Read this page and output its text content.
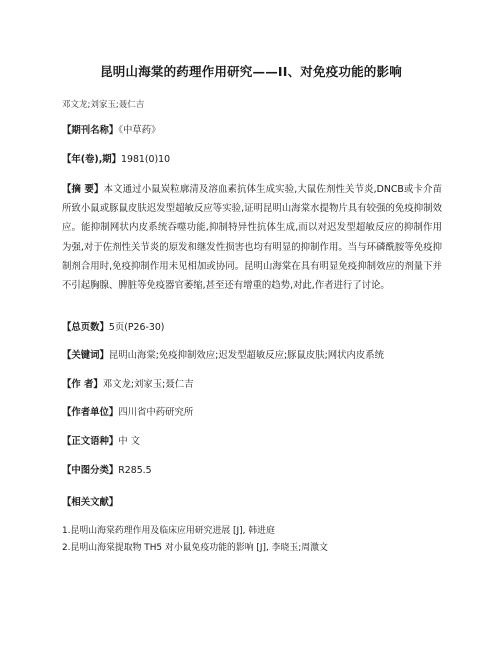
昆明山海棠的药理作用研究——II、对免疫功能的影响
邓文龙;刘家玉;聂仁吉
【期刊名称】《中草药》
【年(卷),期】1981(0)10
【摘 要】本文通过小鼠炭粒廓清及溶血素抗体生成实验,大鼠佐剂性关节炎,DNCB或卡介苗所致小鼠或豚鼠皮肤迟发型超敏反应等实验,证明昆明山海棠水提物片具有较强的免疫抑制效应。能抑制网状内皮系统吞噬功能,抑制特异性抗体生成,而以对迟发型超敏反应的抑制作用为强,对于佐剂性关节炎的原发和继发性损害也均有明显的抑制作用。当与环磷酰胺等免疫抑制剂合用时,免疫抑制作用未见相加或协同。昆明山海棠在具有明显免疫抑制效应的剂量下并不引起胸腺、脾脏等免疫器官萎缩,甚至还有增重的趋势,对此,作者进行了讨论。
【总页数】5页(P26-30)
【关键词】昆明山海棠;免疫抑制效应;迟发型超敏反应;豚鼠皮肤;网状内皮系统
【作 者】邓文龙;刘家玉;聂仁吉
【作者单位】四川省中药研究所
【正文语种】中 文
【中图分类】R285.5
【相关文献】
1.昆明山海棠药理作用及临床应用研究进展 [J], 韩进庭
2.昆明山海棠提取物 TH5 对小鼠免疫功能的影响 [J], 李晓玉;周激文
